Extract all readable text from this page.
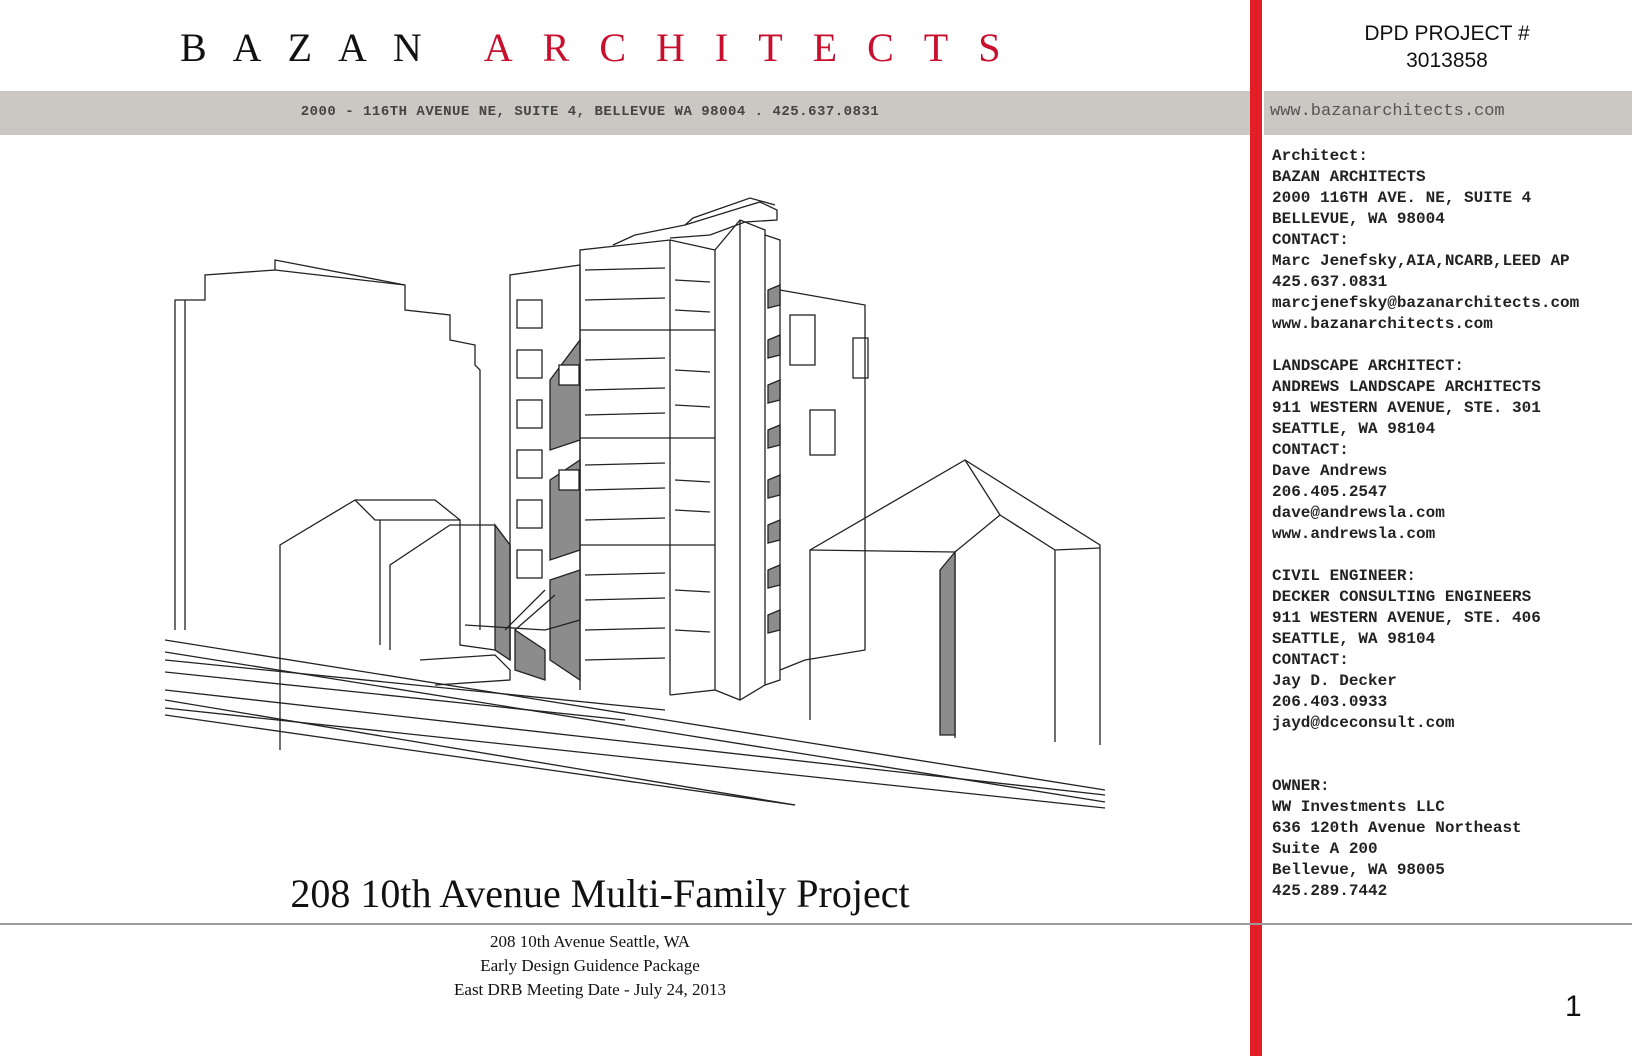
BAZAN ARCHITECTS
2000 - 116TH AVENUE NE, SUITE 4, BELLEVUE WA 98004 . 425.637.0831	www.bazanarchitects.com
DPD PROJECT #
3013858
Architect:
BAZAN ARCHITECTS
2000 116TH AVE. NE, SUITE 4
BELLEVUE, WA 98004
CONTACT:
Marc Jenefsky,AIA,NCARB,LEED AP
425.637.0831
marcjenefsky@bazanarchitects.com
www.bazanarchitects.com
LANDSCAPE ARCHITECT:
ANDREWS LANDSCAPE ARCHITECTS
911 WESTERN AVENUE, STE. 301
SEATTLE, WA 98104
CONTACT:
Dave Andrews
206.405.2547
dave@andrewsla.com
www.andrewsla.com
CIVIL ENGINEER:
DECKER CONSULTING ENGINEERS
911 WESTERN AVENUE, STE. 406
SEATTLE, WA 98104
CONTACT:
Jay D. Decker
206.403.0933
jayd@dceconsult.com
OWNER:
WW Investments LLC
636 120th Avenue Northeast
Suite A 200
Bellevue, WA 98005
425.289.7442
208 10th Avenue Multi-Family Project
208 10th Avenue Seattle, WA
Early Design Guidence Package
East DRB Meeting Date - July 24, 2013
1
